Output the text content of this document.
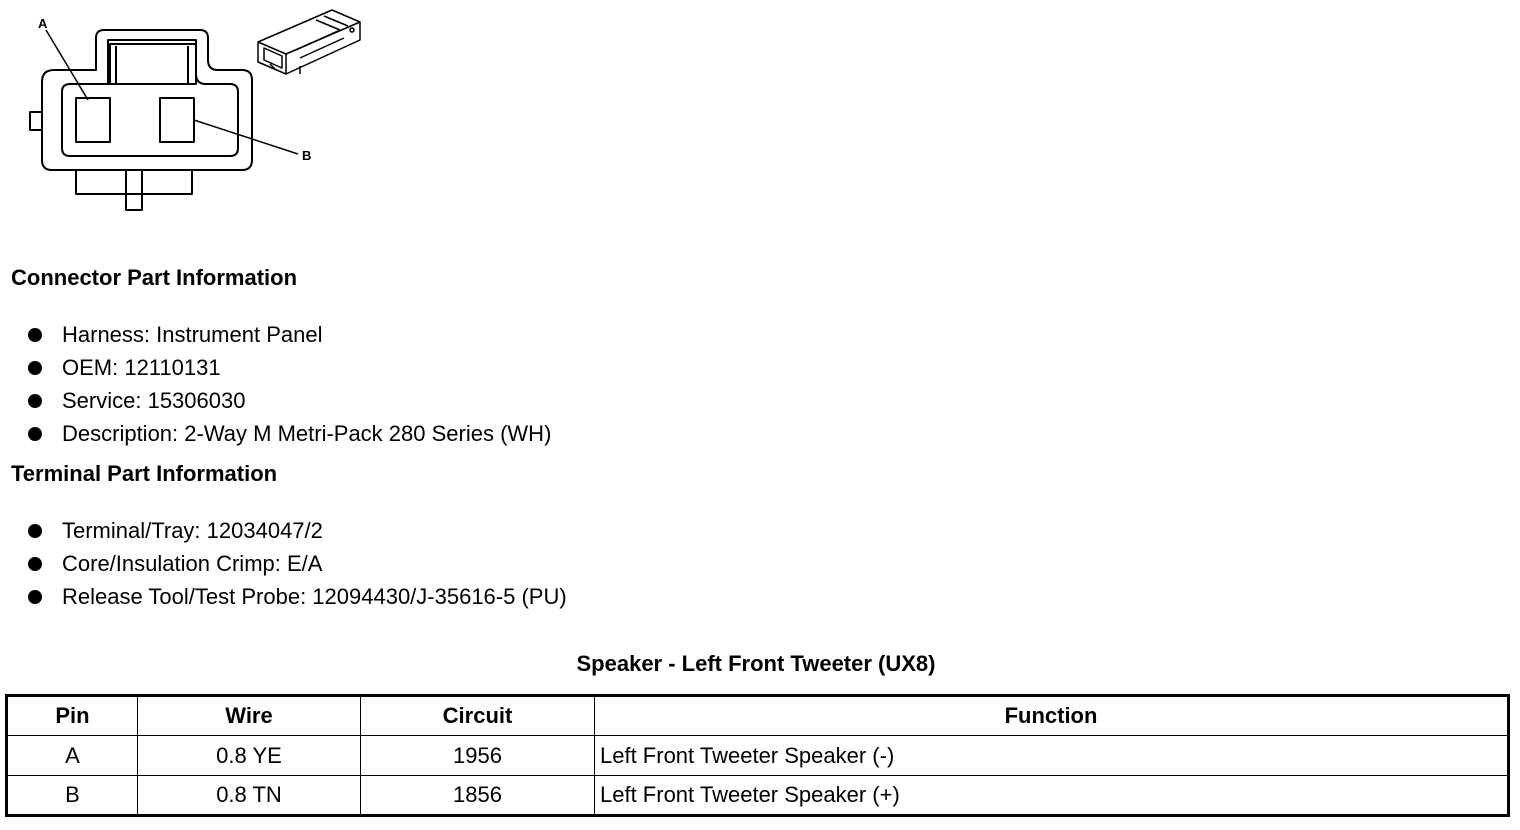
A
B
Connector Part Information
Harness: Instrument Panel
OEM: 12110131
Service: 15306030
Description: 2-Way M Metri-Pack 280 Series (WH)
Terminal Part Information
Terminal/Tray: 12034047/2
Core/Insulation Crimp: E/A
Release Tool/Test Probe: 12094430/J-35616-5 (PU)
Speaker - Left Front Tweeter (UX8)
Pin	Wire	Circuit	Function
A	0.8 YE	1956	Left Front Tweeter Speaker (-)
B	0.8 TN	1856	Left Front Tweeter Speaker (+)
